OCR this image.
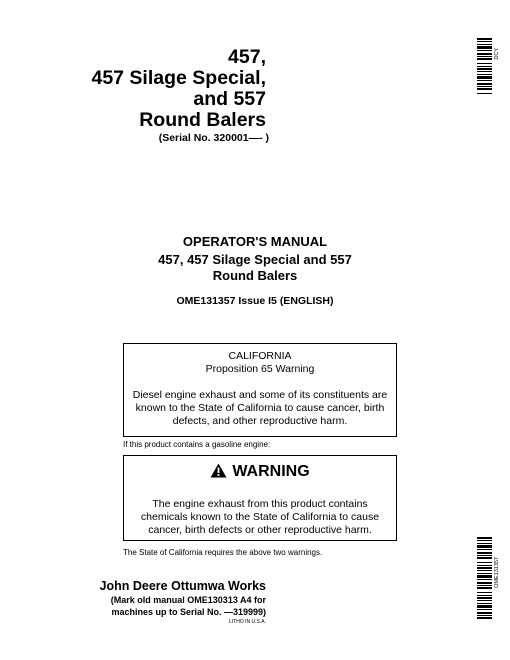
457,
457 Silage Special,
and 557
Round Balers
(Serial No. 320001—- )
DCY
OPERATOR'S MANUAL
457, 457 Silage Special and 557
Round Balers
OME131357 Issue I5 (ENGLISH)
CALIFORNIA
Proposition 65 Warning
Diesel engine exhaust and some of its constituents are known to the State of California to cause cancer, birth defects, and other reproductive harm.
If this product contains a gasoline engine:
WARNING
The engine exhaust from this product contains chemicals known to the State of California to cause cancer, birth defects or other reproductive harm.
The State of California requires the above two warnings.
John Deere Ottumwa Works
(Mark old manual OME130313 A4 for
machines up to Serial No. —319999)
LITHO IN U.S.A.
OME131357
